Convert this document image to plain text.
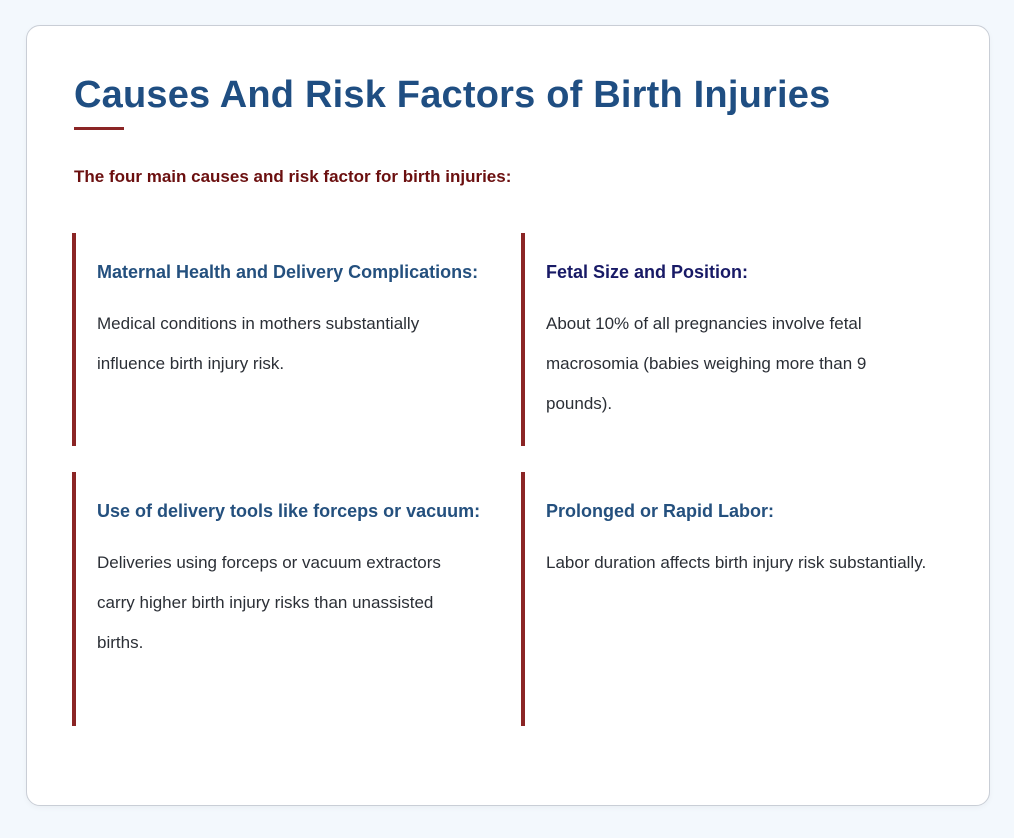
Causes And Risk Factors of Birth Injuries
The four main causes and risk factor for birth injuries:
Maternal Health and Delivery Complications:

Medical conditions in mothers substantially influence birth injury risk.

Fetal Size and Position:

About 10% of all pregnancies involve fetal macrosomia (babies weighing more than 9 pounds).

Use of delivery tools like forceps or vacuum:

Deliveries using forceps or vacuum extractors carry higher birth injury risks than unassisted births.

Prolonged or Rapid Labor:

Labor duration affects birth injury risk substantially.
